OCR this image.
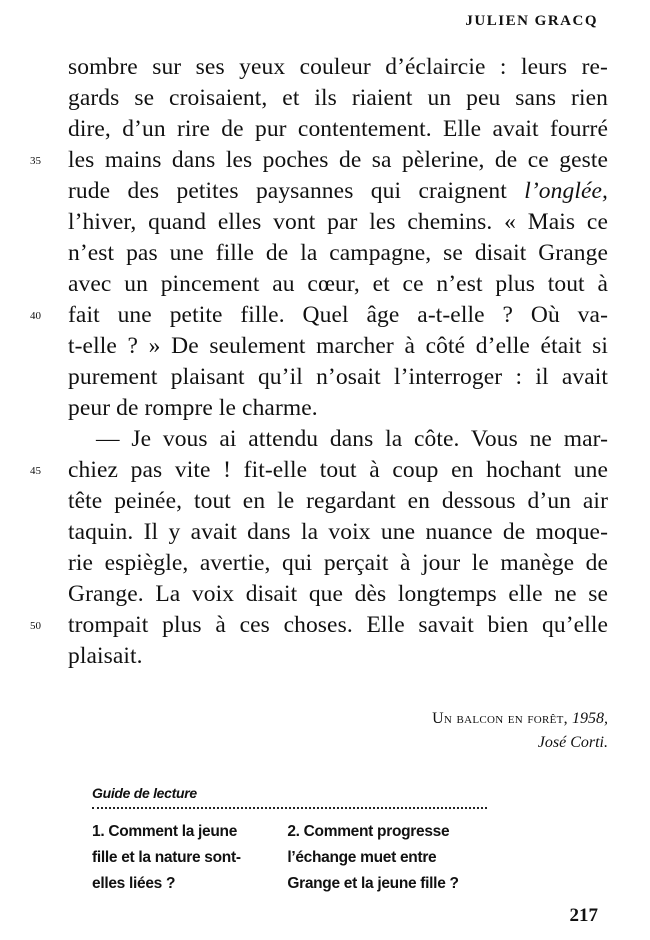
JULIEN GRACQ
sombre sur ses yeux couleur d’éclaircie : leurs re-
gards se croisaient, et ils riaient un peu sans rien
dire, d’un rire de pur contentement. Elle avait fourré
les mains dans les poches de sa pèlerine, de ce geste
rude des petites paysannes qui craignent l’onglée,
l’hiver, quand elles vont par les chemins. « Mais ce
n’est pas une fille de la campagne, se disait Grange
avec un pincement au cœur, et ce n’est plus tout à
fait une petite fille. Quel âge a-t-elle ? Où va-
t-elle ? » De seulement marcher à côté d’elle était si
purement plaisant qu’il n’osait l’interroger : il avait
peur de rompre le charme.
— Je vous ai attendu dans la côte. Vous ne mar-
chiez pas vite ! fit-elle tout à coup en hochant une
tête peinée, tout en le regardant en dessous d’un air
taquin. Il y avait dans la voix une nuance de moque-
rie espiègle, avertie, qui perçait à jour le manège de
Grange. La voix disait que dès longtemps elle ne se
trompait plus à ces choses. Elle savait bien qu’elle
plaisait.
Un balcon en forêt, 1958,
José Corti.
Guide de lecture
1. Comment la jeune
fille et la nature sont-
elles liées ?
2. Comment progresse
l’échange muet entre
Grange et la jeune fille ?
217
35
40
45
50
